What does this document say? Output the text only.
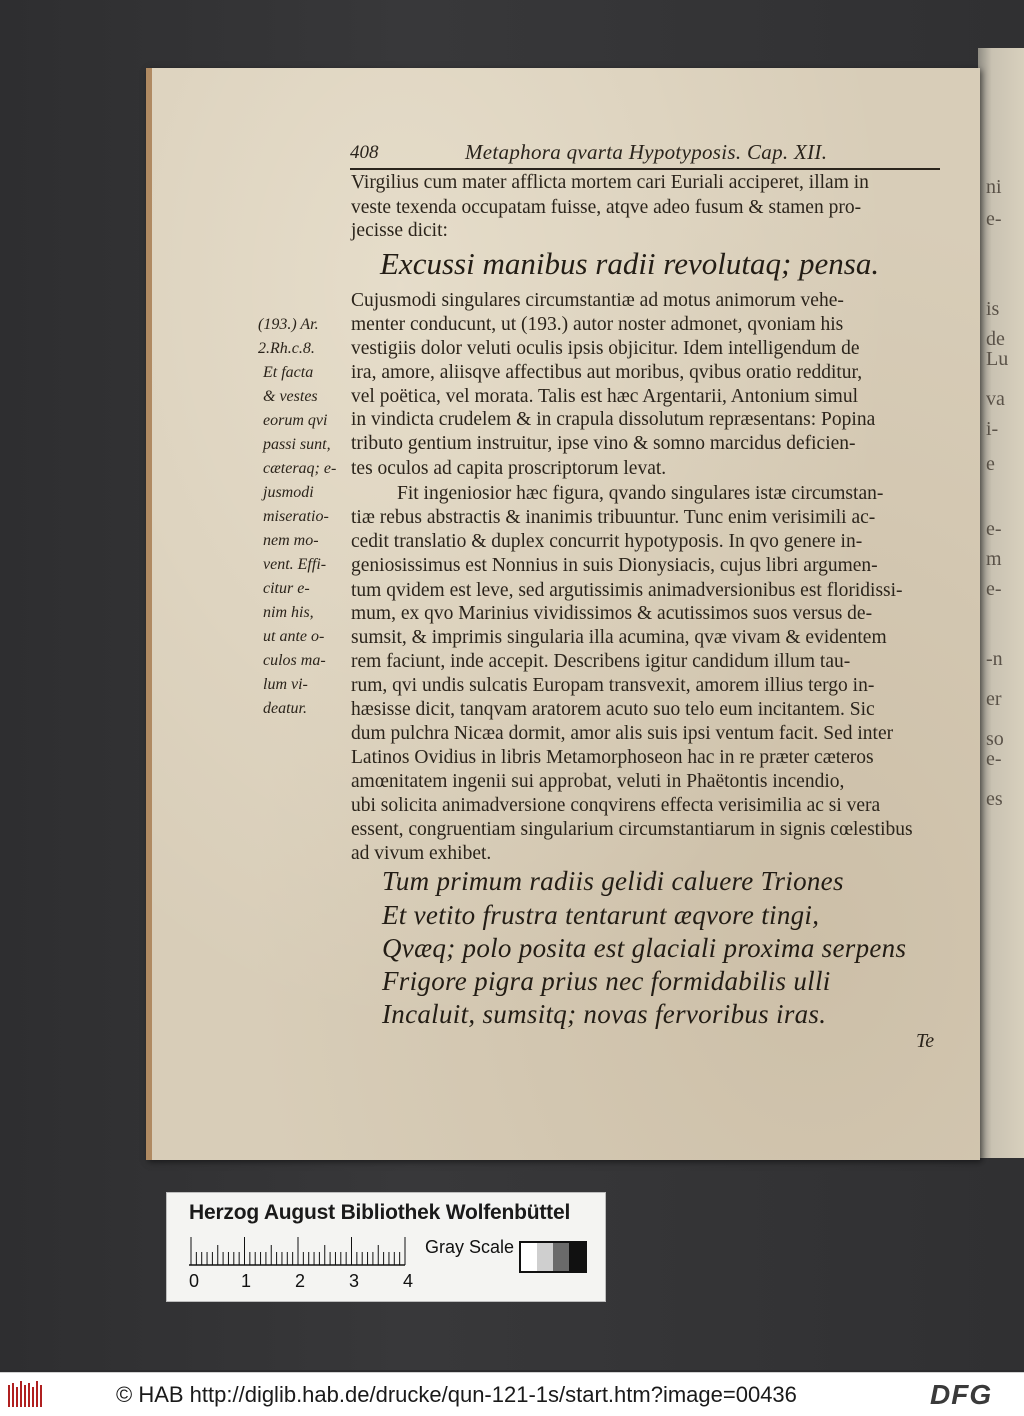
ni
e-
is
de
Lu
va
i-
e
e-
m
e-
-n
er
so
e-
es
408	Metaphora qvarta Hypotyposis. Cap. XII.
Virgilius cum mater afflicta mortem cari Euriali acciperet, illam in
veste texenda occupatam fuisse, atqve adeo fusum & stamen pro-
jecisse dicit:
Excussi manibus radii revolutaq; pensa.
Cujusmodi singulares circumstantiæ ad motus animorum vehe-
menter conducunt, ut (193.) autor noster admonet, qvoniam his
vestigiis dolor veluti oculis ipsis objicitur. Idem intelligendum de
ira, amore, aliisqve affectibus aut moribus, qvibus oratio redditur,
vel poëtica, vel morata. Talis est hæc Argentarii, Antonium simul
in vindicta crudelem & in crapula dissolutum repræsentans: Popina
tributo gentium instruitur, ipse vino & somno marcidus deficien-
tes oculos ad capita proscriptorum levat.
Fit ingeniosior hæc figura, qvando singulares istæ circumstan-
tiæ rebus abstractis & inanimis tribuuntur. Tunc enim verisimili ac-
cedit translatio & duplex concurrit hypotyposis. In qvo genere in-
geniosissimus est Nonnius in suis Dionysiacis, cujus libri argumen-
tum qvidem est leve, sed argutissimis animadversionibus est floridissi-
mum, ex qvo Marinius vividissimos & acutissimos suos versus de-
sumsit, & imprimis singularia illa acumina, qvæ vivam & evidentem
rem faciunt, inde accepit. Describens igitur candidum illum tau-
rum, qvi undis sulcatis Europam transvexit, amorem illius tergo in-
hæsisse dicit, tanqvam aratorem acuto suo telo eum incitantem. Sic
dum pulchra Nicæa dormit, amor alis suis ipsi ventum facit. Sed inter
Latinos Ovidius in libris Metamorphoseon hac in re præter cæteros
amœnitatem ingenii sui approbat, veluti in Phaëtontis incendio,
ubi solicita animadversione conqvirens effecta verisimilia ac si vera
essent, congruentiam singularium circumstantiarum in signis cœlestibus
ad vivum exhibet.
(193.) Ar.
2.Rh.c.8.
Et facta
& vestes
eorum qvi
passi sunt,
cæteraq; e-
jusmodi
miseratio-
nem mo-
vent. Effi-
citur e-
nim his,
ut ante o-
culos ma-
lum vi-
deatur.
Tum primum radiis gelidi caluere Triones
Et vetito frustra tentarunt æqvore tingi,
Qvæq; polo posita est glaciali proxima serpens
Frigore pigra prius nec formidabilis ulli
Incaluit, sumsitq; novas fervoribus iras.
Te
Herzog August Bibliothek Wolfenbüttel
0 1 2 3 4
Gray Scale
© HAB http://diglib.hab.de/drucke/qun-121-1s/start.htm?image=00436	DFG
